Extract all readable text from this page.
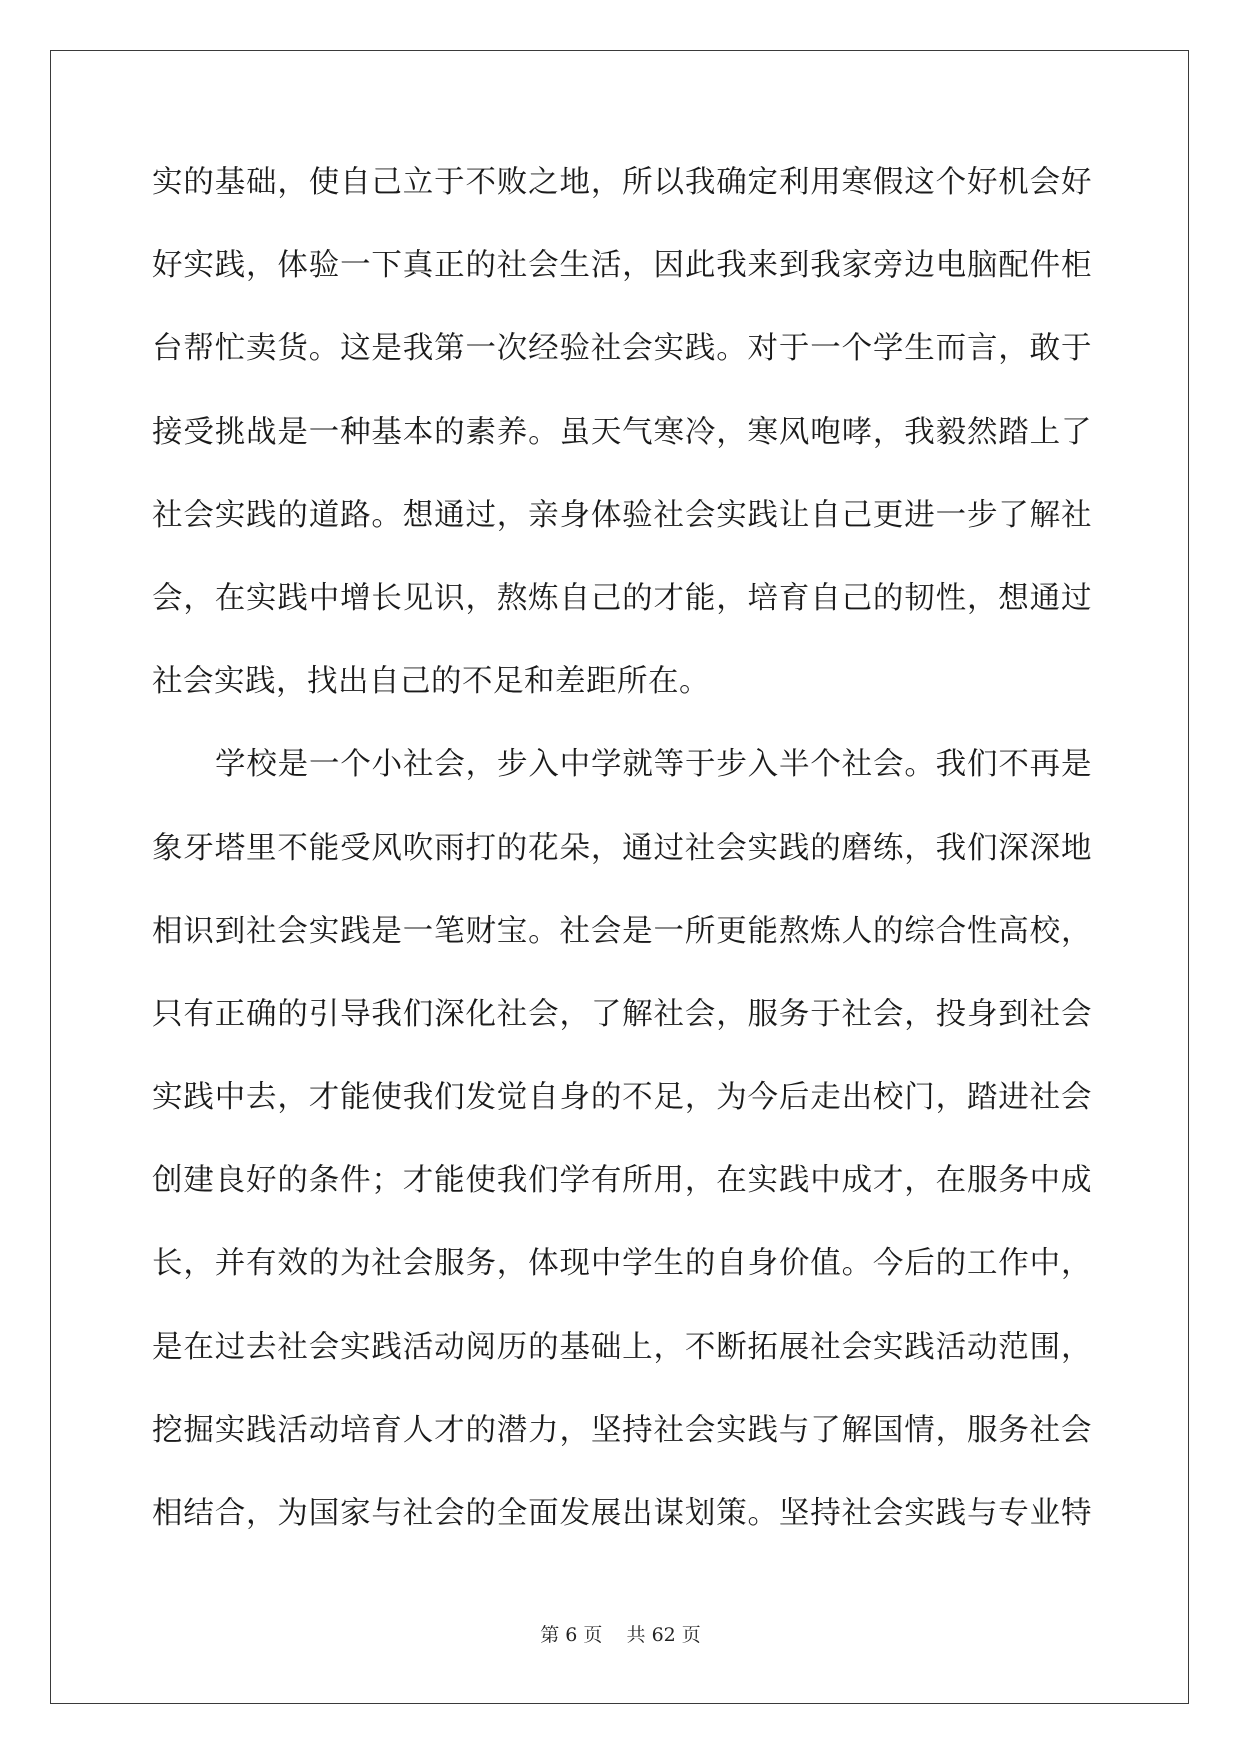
实的基础，使自己立于不败之地，所以我确定利用寒假这个好机会好
好实践，体验一下真正的社会生活，因此我来到我家旁边电脑配件柜
台帮忙卖货。这是我第一次经验社会实践。对于一个学生而言，敢于
接受挑战是一种基本的素养。虽天气寒冷，寒风咆哮，我毅然踏上了
社会实践的道路。想通过，亲身体验社会实践让自己更进一步了解社
会，在实践中增长见识，熬炼自己的才能，培育自己的韧性，想通过
社会实践，找出自己的不足和差距所在。
学校是一个小社会，步入中学就等于步入半个社会。我们不再是
象牙塔里不能受风吹雨打的花朵，通过社会实践的磨练，我们深深地
相识到社会实践是一笔财宝。社会是一所更能熬炼人的综合性高校，
只有正确的引导我们深化社会，了解社会，服务于社会，投身到社会
实践中去，才能使我们发觉自身的不足，为今后走出校门，踏进社会
创建良好的条件；才能使我们学有所用，在实践中成才，在服务中成
长，并有效的为社会服务，体现中学生的自身价值。今后的工作中，
是在过去社会实践活动阅历的基础上，不断拓展社会实践活动范围，
挖掘实践活动培育人才的潜力，坚持社会实践与了解国情，服务社会
相结合，为国家与社会的全面发展出谋划策。坚持社会实践与专业特
第 6 页    共 62 页
